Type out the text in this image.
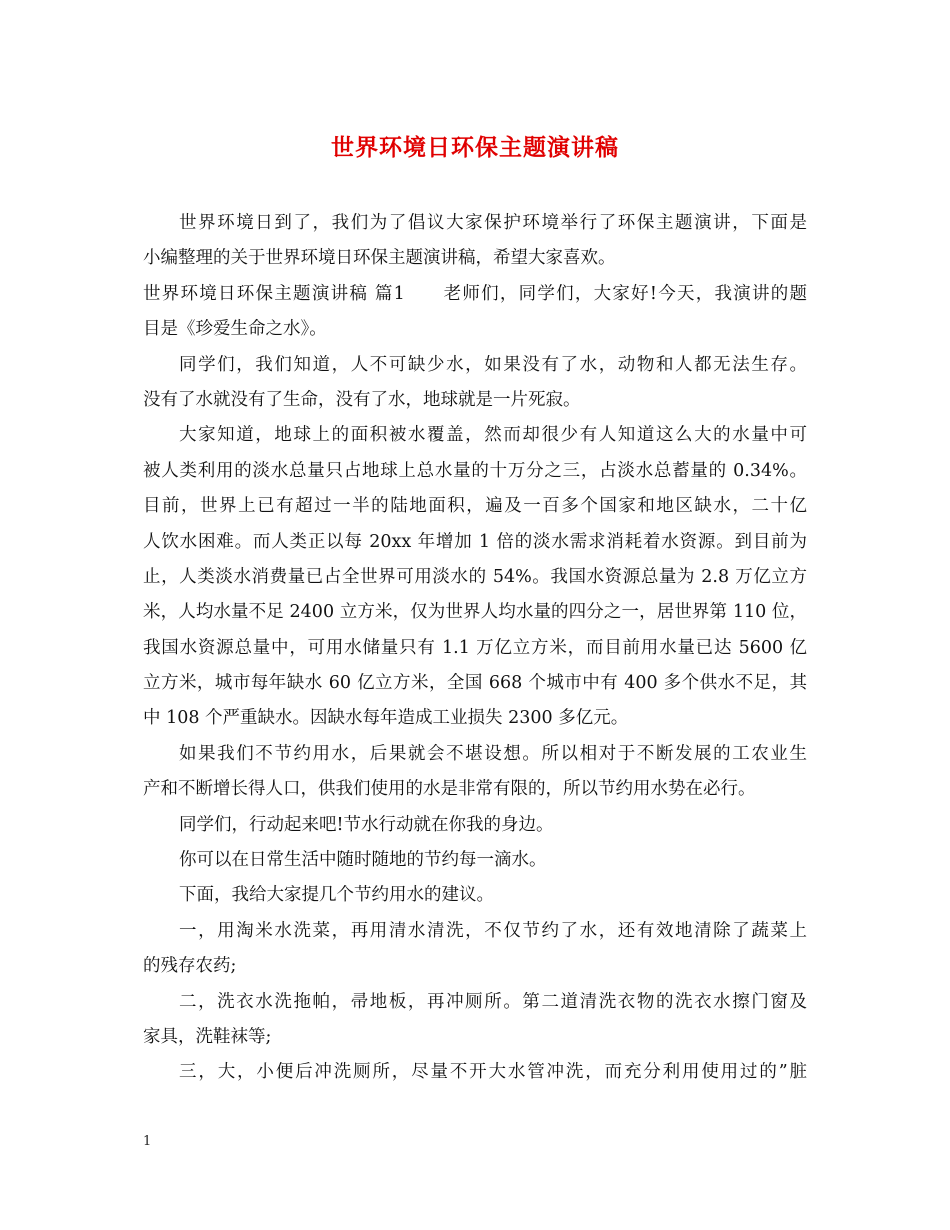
世界环境日环保主题演讲稿
世界环境日到了，我们为了倡议大家保护环境举行了环保主题演讲，下面是
小编整理的关于世界环境日环保主题演讲稿，希望大家喜欢。
世界环境日环保主题演讲稿 篇1　　老师们，同学们，大家好!今天，我演讲的题
目是《珍爱生命之水》。
同学们，我们知道，人不可缺少水，如果没有了水，动物和人都无法生存。
没有了水就没有了生命，没有了水，地球就是一片死寂。
大家知道，地球上的面积被水覆盖，然而却很少有人知道这么大的水量中可
被人类利用的淡水总量只占地球上总水量的十万分之三，占淡水总蓄量的 0.34%。
目前，世界上已有超过一半的陆地面积，遍及一百多个国家和地区缺水，二十亿
人饮水困难。而人类正以每 20xx 年增加 1 倍的淡水需求消耗着水资源。到目前为
止，人类淡水消费量已占全世界可用淡水的 54%。我国水资源总量为 2.8 万亿立方
米，人均水量不足 2400 立方米，仅为世界人均水量的四分之一，居世界第 110 位，
我国水资源总量中，可用水储量只有 1.1 万亿立方米，而目前用水量已达 5600 亿
立方米，城市每年缺水 60 亿立方米，全国 668 个城市中有 400 多个供水不足，其
中 108 个严重缺水。因缺水每年造成工业损失 2300 多亿元。
如果我们不节约用水，后果就会不堪设想。所以相对于不断发展的工农业生
产和不断增长得人口，供我们使用的水是非常有限的，所以节约用水势在必行。
同学们，行动起来吧!节水行动就在你我的身边。
你可以在日常生活中随时随地的节约每一滴水。
下面，我给大家提几个节约用水的建议。
一，用淘米水洗菜，再用清水清洗，不仅节约了水，还有效地清除了蔬菜上
的残存农药;
二，洗衣水洗拖帕，帚地板，再冲厕所。第二道清洗衣物的洗衣水擦门窗及
家具，洗鞋袜等;
三，大，小便后冲洗厕所，尽量不开大水管冲洗，而充分利用使用过的”脏
1
